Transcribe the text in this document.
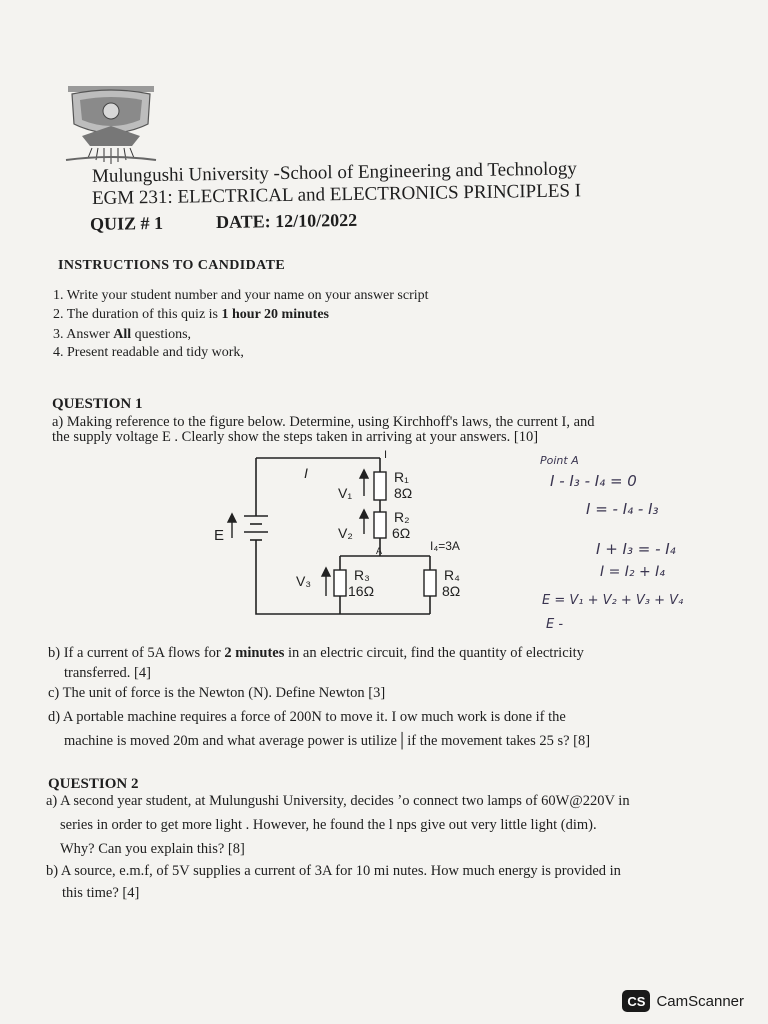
Mulungushi University -School of Engineering and Technology
EGM 231: ELECTRICAL and ELECTRONICS PRINCIPLES I
QUIZ # 1	DATE: 12/10/2022
INSTRUCTIONS TO CANDIDATE
1. Write your student number and your name on your answer script
2. The duration of this quiz is 1 hour 20 minutes
3. Answer All questions,
4. Present readable and tidy work,
QUESTION 1
a) Making reference to the figure below. Determine, using Kirchhoff's laws, the current I, and
the supply voltage E . Clearly show the steps taken in arriving at your answers. [10]
I
I
R₁
8Ω
R₂
6Ω
R₃
16Ω
R₄
8Ω
V₁
V₂
V₃
E
I₄=3A
A
Point A
I - I₃ - I₄ = 0
I = - I₄ - I₃
I + I₃ = - I₄
I = I₂ + I₄
E = V₁ + V₂ + V₃ + V₄
E -
b) If a current of 5A flows for 2 minutes in an electric circuit, find the quantity of electricity
transferred. [4]
c) The unit of force is the Newton (N). Define Newton [3]
d) A portable machine requires a force of 200N to move it. I ow much work is done if the
machine is moved 20m and what average power is utilize│if the movement takes 25 s? [8]
QUESTION 2
a) A second year student, at Mulungushi University, decides ʼo connect two lamps of 60W@220V in
series in order to get more light . However, he found the l nps give out very little light (dim).
Why? Can you explain this? [8]
b) A source, e.m.f, of 5V supplies a current of 3A for 10 mi nutes. How much energy is provided in
this time? [4]
CS CamScanner
